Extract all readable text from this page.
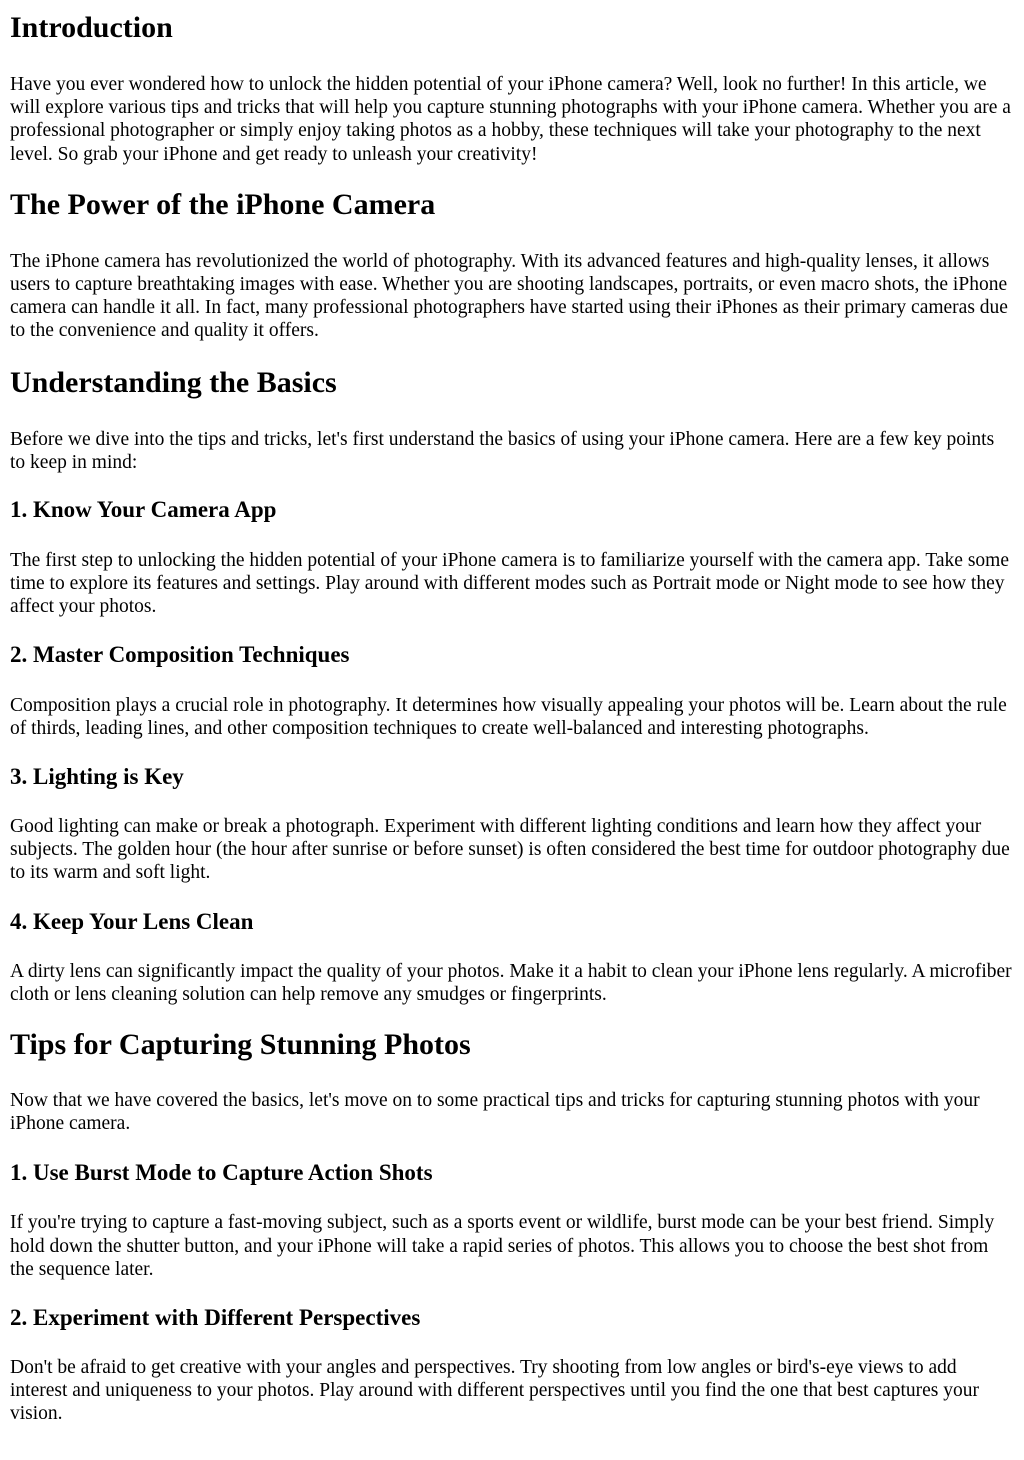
Introduction

Have you ever wondered how to unlock the hidden potential of your iPhone camera? Well, look no further! In this article, we will explore various tips and tricks that will help you capture stunning photographs with your iPhone camera. Whether you are a professional photographer or simply enjoy taking photos as a hobby, these techniques will take your photography to the next level. So grab your iPhone and get ready to unleash your creativity!

The Power of the iPhone Camera

The iPhone camera has revolutionized the world of photography. With its advanced features and high-quality lenses, it allows users to capture breathtaking images with ease. Whether you are shooting landscapes, portraits, or even macro shots, the iPhone camera can handle it all. In fact, many professional photographers have started using their iPhones as their primary cameras due to the convenience and quality it offers.

Understanding the Basics

Before we dive into the tips and tricks, let's first understand the basics of using your iPhone camera. Here are a few key points to keep in mind:

1. Know Your Camera App

The first step to unlocking the hidden potential of your iPhone camera is to familiarize yourself with the camera app. Take some time to explore its features and settings. Play around with different modes such as Portrait mode or Night mode to see how they affect your photos.

2. Master Composition Techniques

Composition plays a crucial role in photography. It determines how visually appealing your photos will be. Learn about the rule of thirds, leading lines, and other composition techniques to create well-balanced and interesting photographs.

3. Lighting is Key

Good lighting can make or break a photograph. Experiment with different lighting conditions and learn how they affect your subjects. The golden hour (the hour after sunrise or before sunset) is often considered the best time for outdoor photography due to its warm and soft light.

4. Keep Your Lens Clean

A dirty lens can significantly impact the quality of your photos. Make it a habit to clean your iPhone lens regularly. A microfiber cloth or lens cleaning solution can help remove any smudges or fingerprints.

Tips for Capturing Stunning Photos

Now that we have covered the basics, let's move on to some practical tips and tricks for capturing stunning photos with your iPhone camera.

1. Use Burst Mode to Capture Action Shots

If you're trying to capture a fast-moving subject, such as a sports event or wildlife, burst mode can be your best friend. Simply hold down the shutter button, and your iPhone will take a rapid series of photos. This allows you to choose the best shot from the sequence later.

2. Experiment with Different Perspectives

Don't be afraid to get creative with your angles and perspectives. Try shooting from low angles or bird's-eye views to add interest and uniqueness to your photos. Play around with different perspectives until you find the one that best captures your vision.
